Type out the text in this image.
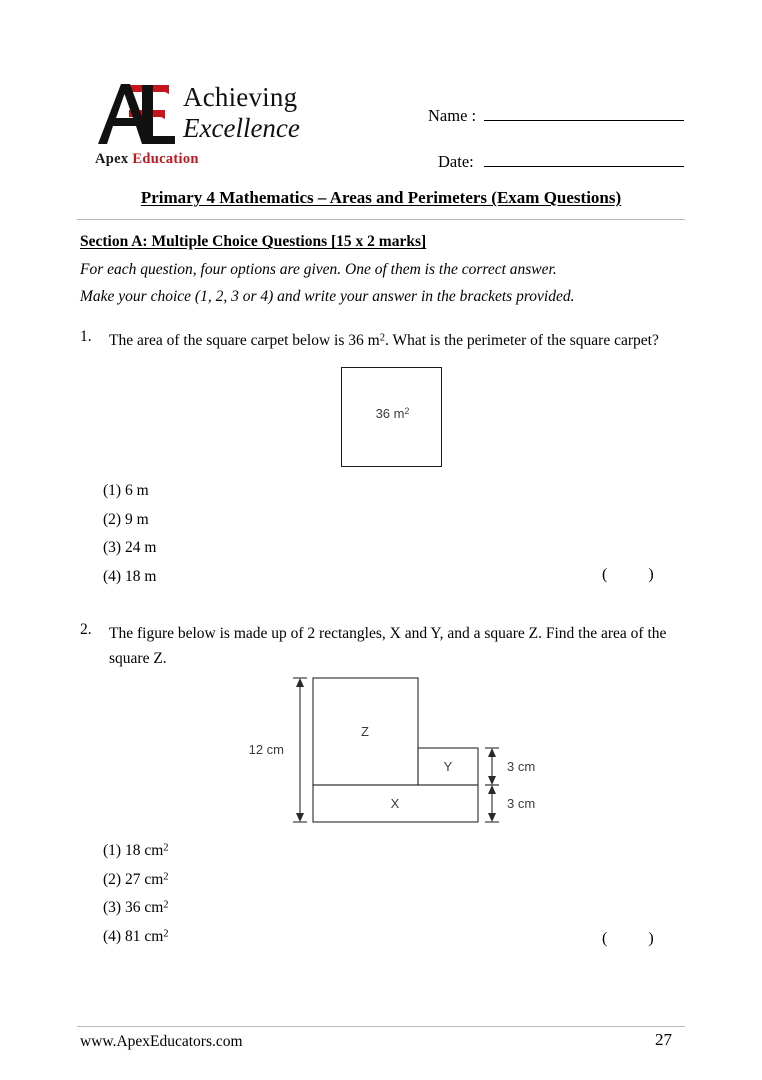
Achieving
Excellence
Apex Education
Name :
Date:
Primary 4 Mathematics – Areas and Perimeters (Exam Questions)
Section A: Multiple Choice Questions [15 x 2 marks]
For each question, four options are given. One of them is the correct answer.
Make your choice (1, 2, 3 or 4) and write your answer in the brackets provided.
1.	The area of the square carpet below is 36 $m^2$. What is the perimeter of the square carpet?
36 $m^2$
(1) 6 m
(2) 9 m
(3) 24 m
(4) 18 m	(        )
2.	The figure below is made up of 2 rectangles, X and Y, and a square Z. Find the area of the square Z.
Z
Y
X
12 cm
3 cm
3 cm
(1) 18 $cm^2$
(2) 27 $cm^2$
(3) 36 $cm^2$
(4) 81 $cm^2$	(        )
www.ApexEducators.com	27
